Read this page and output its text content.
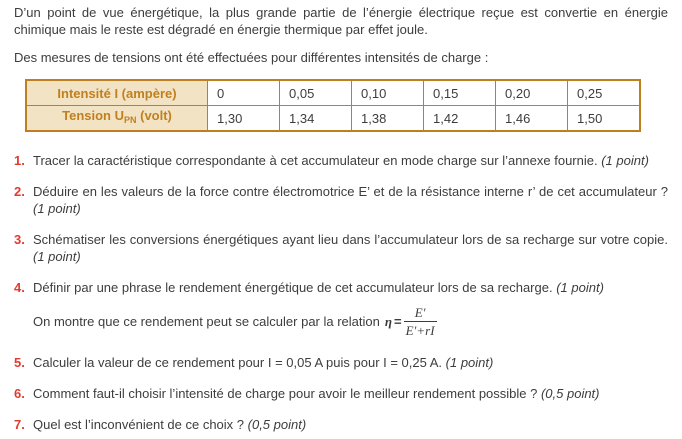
D’un point de vue énergétique, la plus grande partie de l’énergie électrique reçue est convertie en énergie chimique mais le reste est dégradé en énergie thermique par effet joule.

Des mesures de tensions ont été effectuées pour différentes intensités de charge :

Intensité I (ampère)	0	0,05	0,10	0,15	0,20	0,25
Tension $U_{PN}$ (volt)	1,30	1,34	1,38	1,42	1,46	1,50
1. Tracer la caractéristique correspondante à cet accumulateur en mode charge sur l’annexe fournie. (1 point)
2. Déduire en les valeurs de la force contre électromotrice E’ et de la résistance interne r’ de cet accumulateur ? (1 point)
3. Schématiser les conversions énergétiques ayant lieu dans l’accumulateur lors de sa recharge sur votre copie. (1 point)
4. Définir par une phrase le rendement énergétique de cet accumulateur lors de sa recharge. (1 point)
On montre que ce rendement peut se calculer par la relation $\eta = \frac{E'}{E'+rI}$
5. Calculer la valeur de ce rendement pour I = 0,05 A puis pour I = 0,25 A. (1 point)
6. Comment faut-il choisir l’intensité de charge pour avoir le meilleur rendement possible ? (0,5 point)
7. Quel est l’inconvénient de ce choix ? (0,5 point)
